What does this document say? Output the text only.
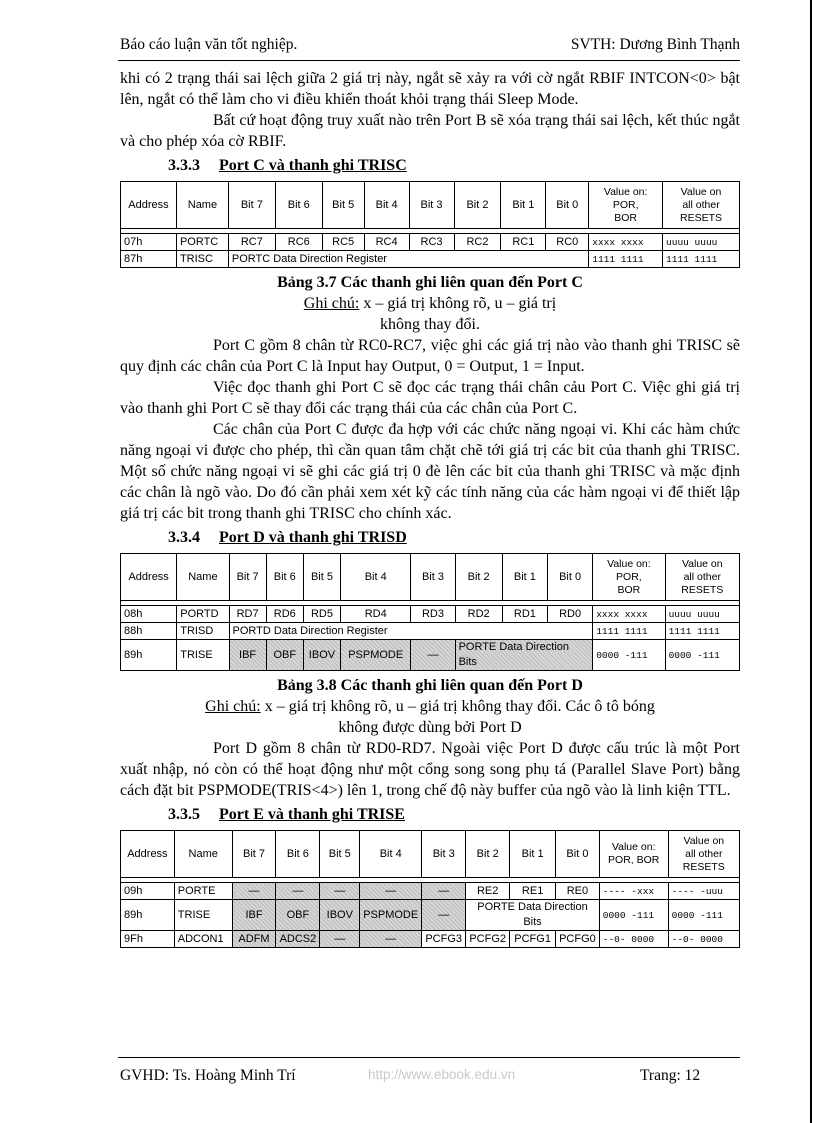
Báo cáo luận văn tốt nghiệp.	SVTH: Dương Bình Thạnh

khi có 2 trạng thái sai lệch giữa 2 giá trị này, ngắt sẽ xảy ra với cờ ngắt RBIF INTCON<0> bật lên, ngắt có thể làm cho vi điều khiển thoát khỏi trạng thái Sleep Mode.

Bất cứ hoạt động truy xuất nào trên Port B sẽ xóa trạng thái sai lệch, kết thúc ngắt và cho phép xóa cờ RBIF.

3.3.3 Port C và thanh ghi TRISC
Address	Name	Bit 7	Bit 6	Bit 5	Bit 4	Bit 3	Bit 2	Bit 1	Bit 0	Value on:
POR,
BOR	Value on
all other
RESETS

07h	PORTC	RC7	RC6	RC5	RC4	RC3	RC2	RC1	RC0	xxxx xxxx	uuuu uuuu
87h	TRISC	PORTC Data Direction Register								1111 1111	1111 1111
Bảng 3.7 Các thanh ghi liên quan đến Port C
Ghi chú: x – giá trị không rõ, u – giá trị
không thay đổi.

Port C gồm 8 chân từ RC0-RC7, việc ghi các giá trị nào vào thanh ghi TRISC sẽ quy định các chân của Port C là Input hay Output, 0 = Output, 1 = Input.

Việc đọc thanh ghi Port C sẽ đọc các trạng thái chân cảu Port C. Việc ghi giá trị vào thanh ghi Port C sẽ thay đổi các trạng thái của các chân của Port C.

Các chân của Port C được đa hợp với các chức năng ngoại vi. Khi các hàm chức năng ngoại vi được cho phép, thì cần quan tâm chặt chẽ tới giá trị các bit của thanh ghi TRISC. Một số chức năng ngoại vi sẽ ghi các giá trị 0 đè lên các bit của thanh ghi TRISC và mặc định các chân là ngõ vào. Do đó cần phải xem xét kỹ các tính năng của các hàm ngoại vi để thiết lập giá trị các bit trong thanh ghi TRISC cho chính xác.

3.3.4 Port D và thanh ghi TRISD
Address	Name	Bit 7	Bit 6	Bit 5	Bit 4	Bit 3	Bit 2	Bit 1	Bit 0	Value on:
POR,
BOR	Value on
all other
RESETS

08h	PORTD	RD7	RD6	RD5	RD4	RD3	RD2	RD1	RD0	xxxx xxxx	uuuu uuuu
88h	TRISD	PORTD Data Direction Register								1111 1111	1111 1111
89h	TRISE	IBF	OBF	IBOV	PSPMODE	—	PORTE Data Direction Bits			0000 -111	0000 -111
Bảng 3.8 Các thanh ghi liên quan đến Port D
Ghi chú: x – giá trị không rõ, u – giá trị không thay đổi. Các ô tô bóng
không được dùng bởi Port D

Port D gồm 8 chân từ RD0-RD7. Ngoài việc Port D được cấu trúc là một Port xuất nhập, nó còn có thể hoạt động như một cổng song song phụ tá (Parallel Slave Port) bằng cách đặt bit PSPMODE(TRIS<4>) lên 1, trong chế độ này buffer của ngõ vào là linh kiện TTL.

3.3.5 Port E và thanh ghi TRISE
Address	Name	Bit 7	Bit 6	Bit 5	Bit 4	Bit 3	Bit 2	Bit 1	Bit 0	Value on:
POR, BOR	Value on
all other
RESETS

09h	PORTE	—	—	—	—	—	RE2	RE1	RE0	---- -xxx	---- -uuu
89h	TRISE	IBF	OBF	IBOV	PSPMODE	—	PORTE Data Direction Bits			0000 -111	0000 -111
9Fh	ADCON1	ADFM	ADCS2	—	—	PCFG3	PCFG2	PCFG1	PCFG0	--0- 0000	--0- 0000
GVHD: Ts. Hoàng Minh Trí	http://www.ebook.edu.vn	Trang: 12
